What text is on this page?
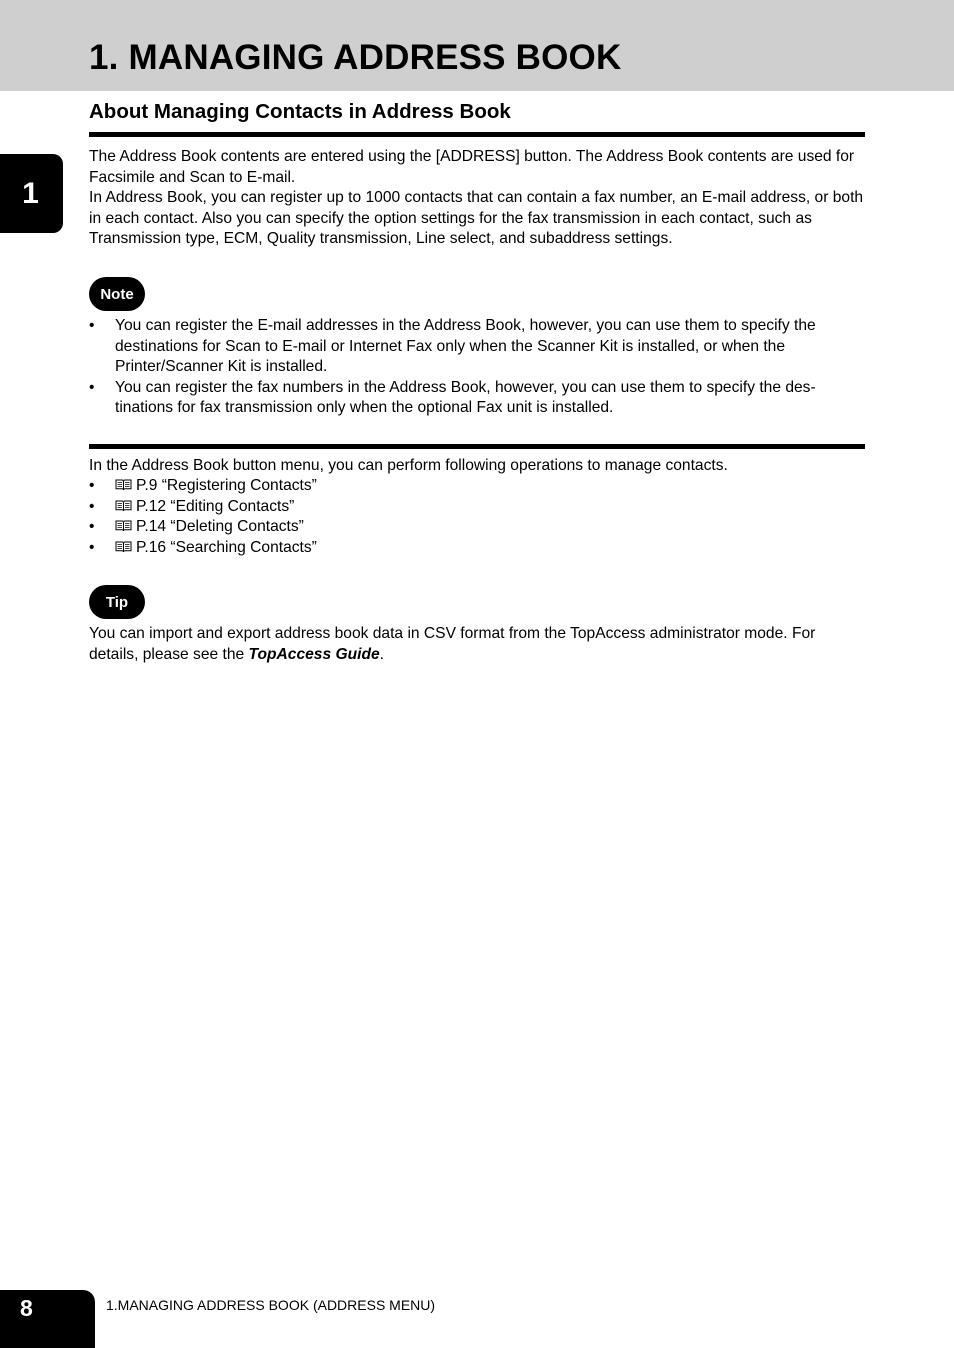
1. MANAGING ADDRESS BOOK
About Managing Contacts in Address Book
1

The Address Book contents are entered using the [ADDRESS] button. The Address Book contents are used for Facsimile and Scan to E-mail.

In Address Book, you can register up to 1000 contacts that can contain a fax number, an E-mail address, or both in each contact. Also you can specify the option settings for the fax transmission in each contact, such as Transmission type, ECM, Quality transmission, Line select, and subaddress settings.

Note
• You can register the E-mail addresses in the Address Book, however, you can use them to specify the destinations for Scan to E-mail or Internet Fax only when the Scanner Kit is installed, or when the Printer/Scanner Kit is installed.
• You can register the fax numbers in the Address Book, however, you can use them to specify the des-tinations for fax transmission only when the optional Fax unit is installed.

In the Address Book button menu, you can perform following operations to manage contacts.

•	P.9 “Registering Contacts”
•	P.12 “Editing Contacts”
•	P.14 “Deleting Contacts”
•	P.16 “Searching Contacts”
Tip

You can import and export address book data in CSV format from the TopAccess administrator mode. For details, please see the TopAccess Guide.

8	1.MANAGING ADDRESS BOOK (ADDRESS MENU)
